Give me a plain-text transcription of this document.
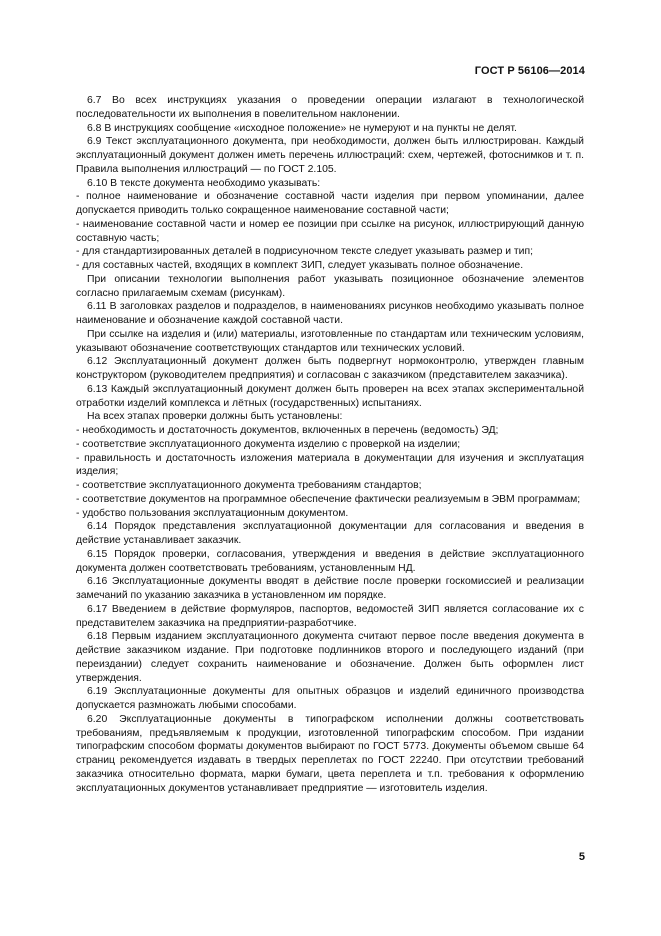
ГОСТ Р 56106—2014

6.7 Во всех инструкциях указания о проведении операции излагают в технологической последовательности их выполнения в повелительном наклонении.

6.8 В инструкциях сообщение «исходное положение» не нумеруют и на пункты не делят.

6.9 Текст эксплуатационного документа, при необходимости, должен быть иллюстрирован. Каждый эксплуатационный документ должен иметь перечень иллюстраций: схем, чертежей, фотоснимков и т. п. Правила выполнения иллюстраций — по ГОСТ 2.105.

6.10 В тексте документа необходимо указывать:

- полное наименование и обозначение составной части изделия при первом упоминании, далее допускается приводить только сокращенное наименование составной части;

- наименование составной части и номер ее позиции при ссылке на рисунок, иллюстрирующий данную составную часть;

- для стандартизированных деталей в подрисуночном тексте следует указывать размер и тип;

- для составных частей, входящих в комплект ЗИП, следует указывать полное обозначение.

При описании технологии выполнения работ указывать позиционное обозначение элементов согласно прилагаемым схемам (рисункам).

6.11 В заголовках разделов и подразделов, в наименованиях рисунков необходимо указывать полное наименование и обозначение каждой составной части.

При ссылке на изделия и (или) материалы, изготовленные по стандартам или техническим условиям, указывают обозначение соответствующих стандартов или технических условий.

6.12 Эксплуатационный документ должен быть подвергнут нормоконтролю, утвержден главным конструктором (руководителем предприятия) и согласован с заказчиком (представителем заказчика).

6.13 Каждый эксплуатационный документ должен быть проверен на всех этапах экспериментальной отработки изделий комплекса и лётных (государственных) испытаниях.

На всех этапах проверки должны быть установлены:

- необходимость и достаточность документов, включенных в перечень (ведомость) ЭД;

- соответствие эксплуатационного документа изделию с проверкой на изделии;

- правильность и достаточность изложения материала в документации для изучения и эксплуатация изделия;

- соответствие эксплуатационного документа требованиям стандартов;

- соответствие документов на программное обеспечение фактически реализуемым в ЭВМ программам;

- удобство пользования эксплуатационным документом.

6.14 Порядок представления эксплуатационной документации для согласования и введения в действие устанавливает заказчик.

6.15 Порядок проверки, согласования, утверждения и введения в действие эксплуатационного документа должен соответствовать требованиям, установленным НД.

6.16 Эксплуатационные документы вводят в действие после проверки госкомиссией и реализации замечаний по указанию заказчика в установленном им порядке.

6.17 Введением в действие формуляров, паспортов, ведомостей ЗИП является согласование их с представителем заказчика на предприятии-разработчике.

6.18 Первым изданием эксплуатационного документа считают первое после введения документа в действие заказчиком издание. При подготовке подлинников второго и последующего изданий (при переиздании) следует сохранить наименование и обозначение. Должен быть оформлен лист утверждения.

6.19 Эксплуатационные документы для опытных образцов и изделий единичного производства допускается размножать любыми способами.

6.20 Эксплуатационные документы в типографском исполнении должны соответствовать требованиям, предъявляемым к продукции, изготовленной типографским способом. При издании типографским способом форматы документов выбирают по ГОСТ 5773. Документы объемом свыше 64 страниц рекомендуется издавать в твердых переплетах по ГОСТ 22240. При отсутствии требований заказчика относительно формата, марки бумаги, цвета переплета и т.п. требования к оформлению эксплуатационных документов устанавливает предприятие — изготовитель изделия.

5
